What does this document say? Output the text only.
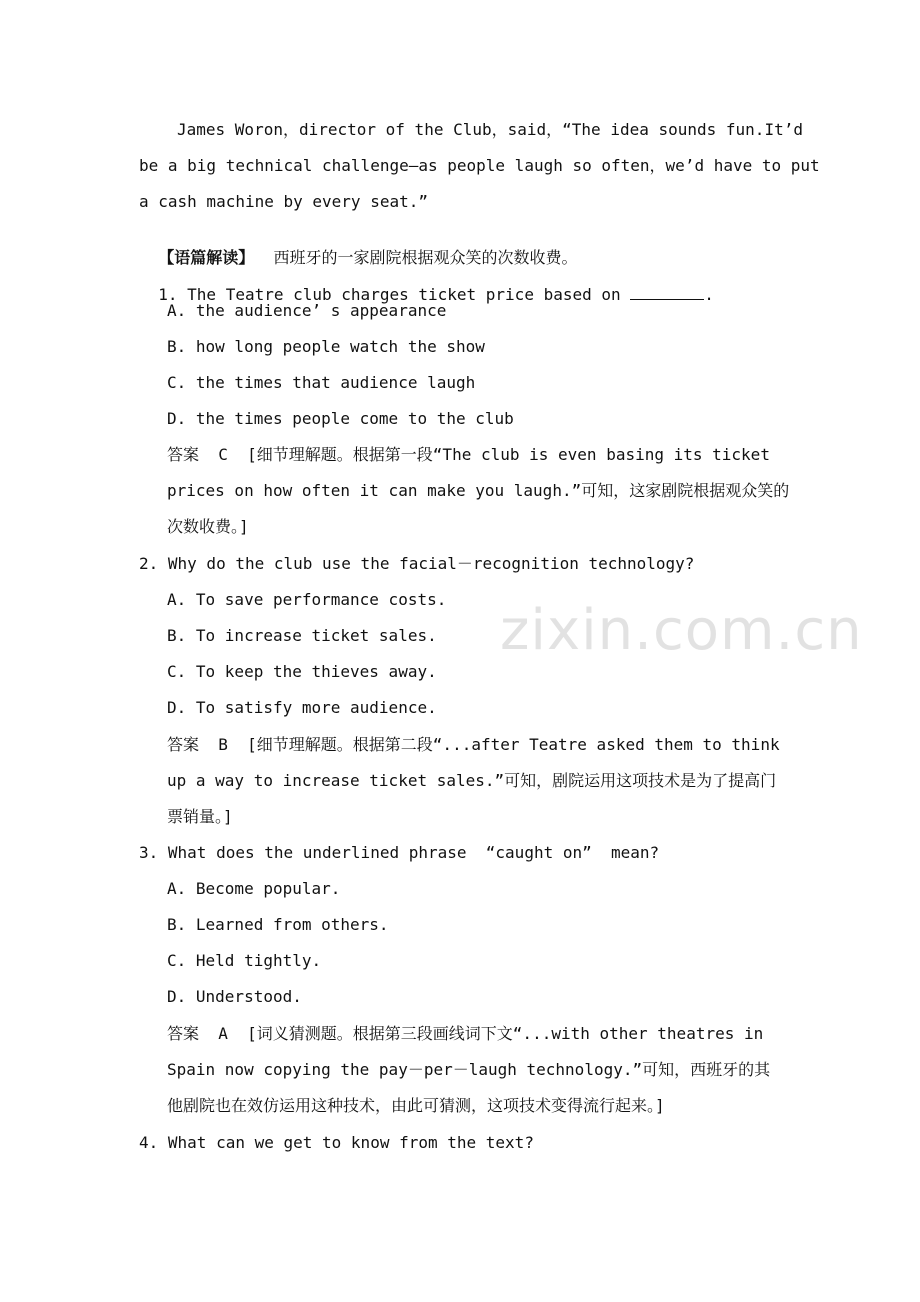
zixin.com.cn
James Woron，director of the Club，said，“The idea sounds fun.It’d
be a big technical challenge—as people laugh so often，we’d have to put
a cash machine by every seat.”

【语篇解读】 西班牙的一家剧院根据观众笑的次数收费。

1. The Teatre club charges ticket price based on	.

A. the audience’ s appearance
B. how long people watch the show
C. the times that audience laugh
D. the times people come to the club
答案  C  [细节理解题。根据第一段“The club is even basing its ticket
prices on how often it can make you laugh.”可知，这家剧院根据观众笑的
次数收费。]
2. Why do the club use the facial－recognition technology?
A. To save performance costs.
B. To increase ticket sales.
C. To keep the thieves away.
D. To satisfy more audience.
答案  B  [细节理解题。根据第二段“...after Teatre asked them to think
up a way to increase ticket sales.”可知，剧院运用这项技术是为了提高门
票销量。]
3. What does the underlined phrase  “caught on”  mean?
A. Become popular.
B. Learned from others.
C. Held tightly.
D. Understood.
答案  A  [词义猜测题。根据第三段画线词下文“...with other theatres in
Spain now copying the pay－per－laugh technology.”可知，西班牙的其
他剧院也在效仿运用这种技术，由此可猜测，这项技术变得流行起来。]
4. What can we get to know from the text?
